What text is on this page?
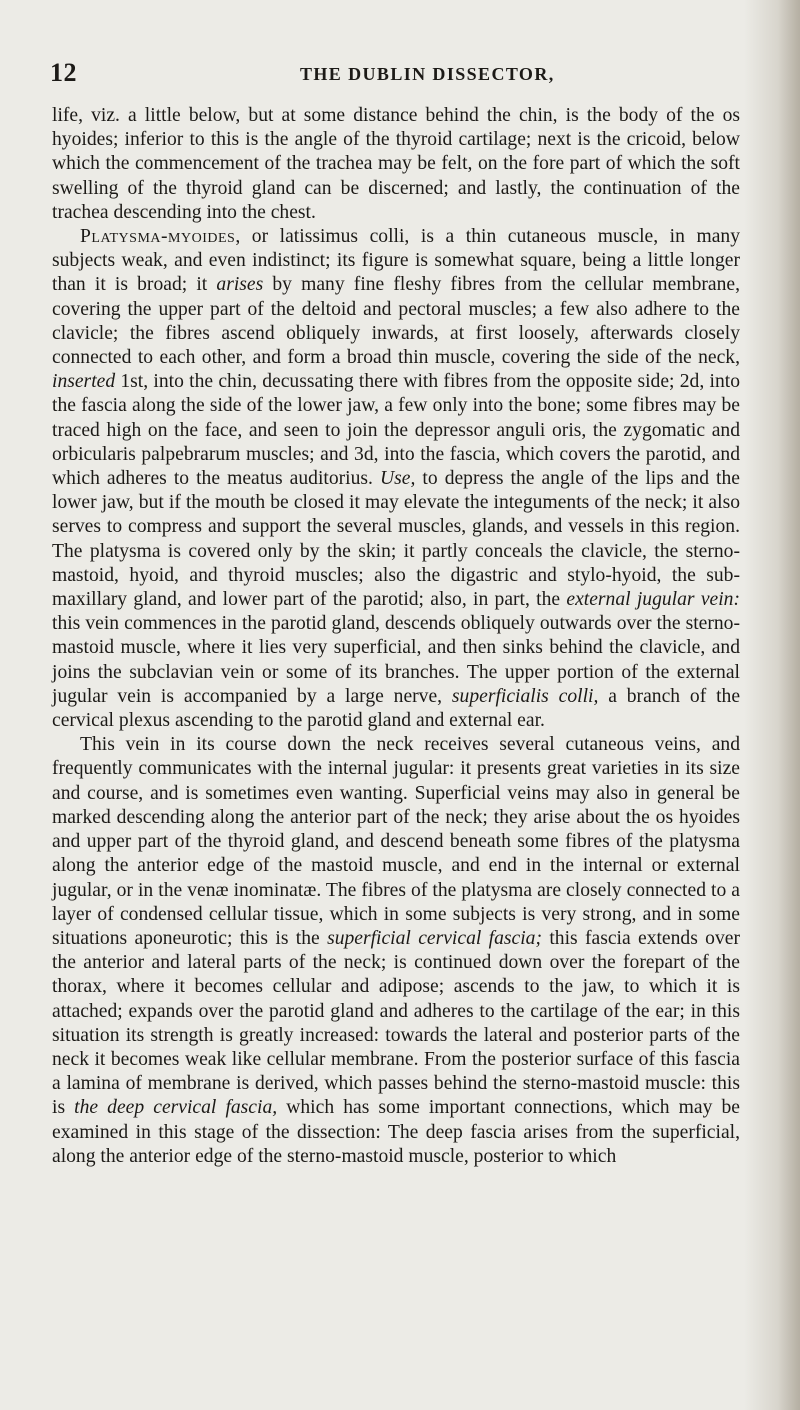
12	THE DUBLIN DISSECTOR,

life, viz. a little below, but at some distance behind the chin, is the body of the os hyoides; inferior to this is the angle of the thyroid cartilage; next is the cricoid, below which the commencement of the trachea may be felt, on the fore part of which the soft swelling of the thyroid gland can be discerned; and lastly, the continuation of the trachea descending into the chest.

Platysma-myoides, or latissimus colli, is a thin cutaneous muscle, in many subjects weak, and even indistinct; its figure is somewhat square, being a little longer than it is broad; it arises by many fine fleshy fibres from the cellular membrane, covering the upper part of the deltoid and pectoral muscles; a few also adhere to the clavicle; the fibres ascend obliquely inwards, at first loosely, afterwards closely connected to each other, and form a broad thin muscle, covering the side of the neck, inserted 1st, into the chin, decussating there with fibres from the opposite side; 2d, into the fascia along the side of the lower jaw, a few only into the bone; some fibres may be traced high on the face, and seen to join the depressor anguli oris, the zygomatic and orbicularis palpebrarum muscles; and 3d, into the fascia, which covers the parotid, and which adheres to the meatus auditorius. Use, to depress the angle of the lips and the lower jaw, but if the mouth be closed it may elevate the integuments of the neck; it also serves to compress and support the several muscles, glands, and vessels in this region. The platysma is covered only by the skin; it partly conceals the clavicle, the sterno-mastoid, hyoid, and thyroid muscles; also the digastric and stylo-hyoid, the sub-maxillary gland, and lower part of the parotid; also, in part, the external jugular vein: this vein commences in the parotid gland, descends obliquely outwards over the sterno-mastoid muscle, where it lies very superficial, and then sinks behind the clavicle, and joins the subclavian vein or some of its branches. The upper portion of the external jugular vein is accompanied by a large nerve, superficialis colli, a branch of the cervical plexus ascending to the parotid gland and external ear.

This vein in its course down the neck receives several cutaneous veins, and frequently communicates with the internal jugular: it presents great varieties in its size and course, and is sometimes even wanting. Superficial veins may also in general be marked descending along the anterior part of the neck; they arise about the os hyoides and upper part of the thyroid gland, and descend beneath some fibres of the platysma along the anterior edge of the mastoid muscle, and end in the internal or external jugular, or in the venæ inominatæ. The fibres of the platysma are closely connected to a layer of condensed cellular tissue, which in some subjects is very strong, and in some situations aponeurotic; this is the superficial cervical fascia; this fascia extends over the anterior and lateral parts of the neck; is continued down over the forepart of the thorax, where it becomes cellular and adipose; ascends to the jaw, to which it is attached; expands over the parotid gland and adheres to the cartilage of the ear; in this situation its strength is greatly increased: towards the lateral and posterior parts of the neck it becomes weak like cellular membrane. From the posterior surface of this fascia a lamina of membrane is derived, which passes behind the sterno-mastoid muscle: this is the deep cervical fascia, which has some important connections, which may be examined in this stage of the dissection: The deep fascia arises from the superficial, along the anterior edge of the sterno-mastoid muscle, posterior to which
